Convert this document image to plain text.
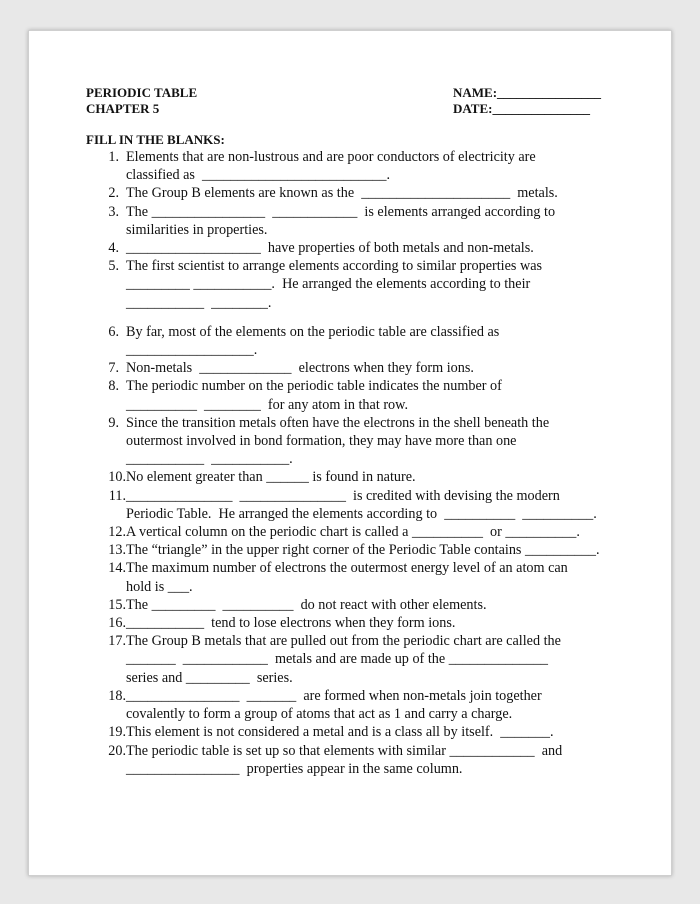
PERIODIC TABLE
CHAPTER 5
NAME:________________
DATE:_______________
FILL IN THE BLANKS:
1. Elements that are non-lustrous and are poor conductors of electricity are
classified as  __________________________.
2. The Group B elements are known as the  _____________________  metals.
3. The ________________  ____________  is elements arranged according to
similarities in properties.
4. ___________________  have properties of both metals and non-metals.
5. The first scientist to arrange elements according to similar properties was
_________ ___________.  He arranged the elements according to their
___________  ________.
6. By far, most of the elements on the periodic table are classified as
__________________.
7. Non-metals  _____________  electrons when they form ions.
8. The periodic number on the periodic table indicates the number of
__________  ________  for any atom in that row.
9. Since the transition metals often have the electrons in the shell beneath the
outermost involved in bond formation, they may have more than one
___________  ___________.
10. No element greater than ______ is found in nature.
11. _______________  _______________  is credited with devising the modern
Periodic Table.  He arranged the elements according to  __________  __________.
12. A vertical column on the periodic chart is called a __________  or __________.
13. The “triangle” in the upper right corner of the Periodic Table contains __________.
14. The maximum number of electrons the outermost energy level of an atom can
hold is ___.
15. The _________  __________  do not react with other elements.
16. ___________  tend to lose electrons when they form ions.
17. The Group B metals that are pulled out from the periodic chart are called the
_______  ____________  metals and are made up of the ______________
series and _________  series.
18. ________________  _______  are formed when non-metals join together
covalently to form a group of atoms that act as 1 and carry a charge.
19. This element is not considered a metal and is a class all by itself.  _______.
20. The periodic table is set up so that elements with similar ____________  and
________________  properties appear in the same column.
